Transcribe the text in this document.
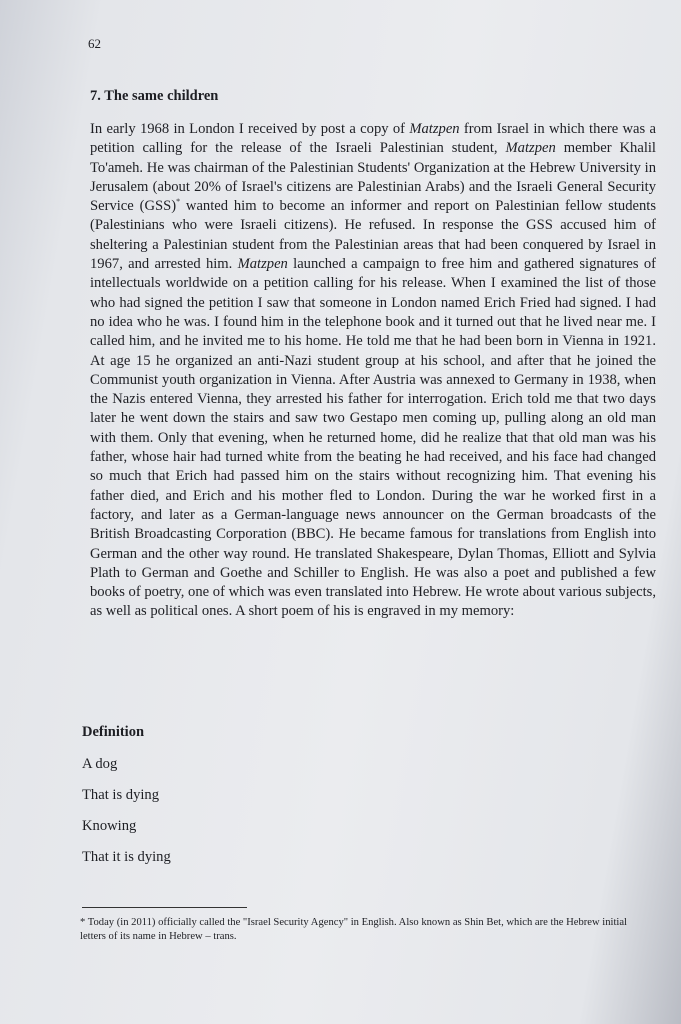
62
7. The same children

In early 1968 in London I received by post a copy of Matzpen from Israel in which there was a petition calling for the release of the Israeli Palestinian student, Matzpen member Khalil To'ameh. He was chairman of the Palestinian Students' Organization at the Hebrew University in Jerusalem (about 20% of Israel's citizens are Palestinian Arabs) and the Israeli General Security Service (GSS)* wanted him to become an informer and report on Palestinian fellow students (Palestinians who were Israeli citizens). He refused. In response the GSS accused him of sheltering a Palestinian student from the Palestinian areas that had been conquered by Israel in 1967, and arrested him. Matzpen launched a campaign to free him and gathered signatures of intellectuals worldwide on a petition calling for his release. When I examined the list of those who had signed the petition I saw that someone in London named Erich Fried had signed. I had no idea who he was. I found him in the telephone book and it turned out that he lived near me. I called him, and he invited me to his home. He told me that he had been born in Vienna in 1921. At age 15 he organized an anti-Nazi student group at his school, and after that he joined the Communist youth organization in Vienna. After Austria was annexed to Germany in 1938, when the Nazis entered Vienna, they arrested his father for interrogation. Erich told me that two days later he went down the stairs and saw two Gestapo men coming up, pulling along an old man with them. Only that evening, when he returned home, did he realize that that old man was his father, whose hair had turned white from the beating he had received, and his face had changed so much that Erich had passed him on the stairs without recognizing him. That evening his father died, and Erich and his mother fled to London. During the war he worked first in a factory, and later as a German-language news announcer on the German broadcasts of the British Broadcasting Corporation (BBC). He became famous for translations from English into German and the other way round. He translated Shakespeare, Dylan Thomas, Elliott and Sylvia Plath to German and Goethe and Schiller to English. He was also a poet and published a few books of poetry, one of which was even translated into Hebrew. He wrote about various subjects, as well as political ones. A short poem of his is engraved in my memory:

Definition

A dog

That is dying

Knowing

That it is dying

* Today (in 2011) officially called the "Israel Security Agency" in English. Also known as Shin Bet, which are the Hebrew initial letters of its name in Hebrew – trans.
